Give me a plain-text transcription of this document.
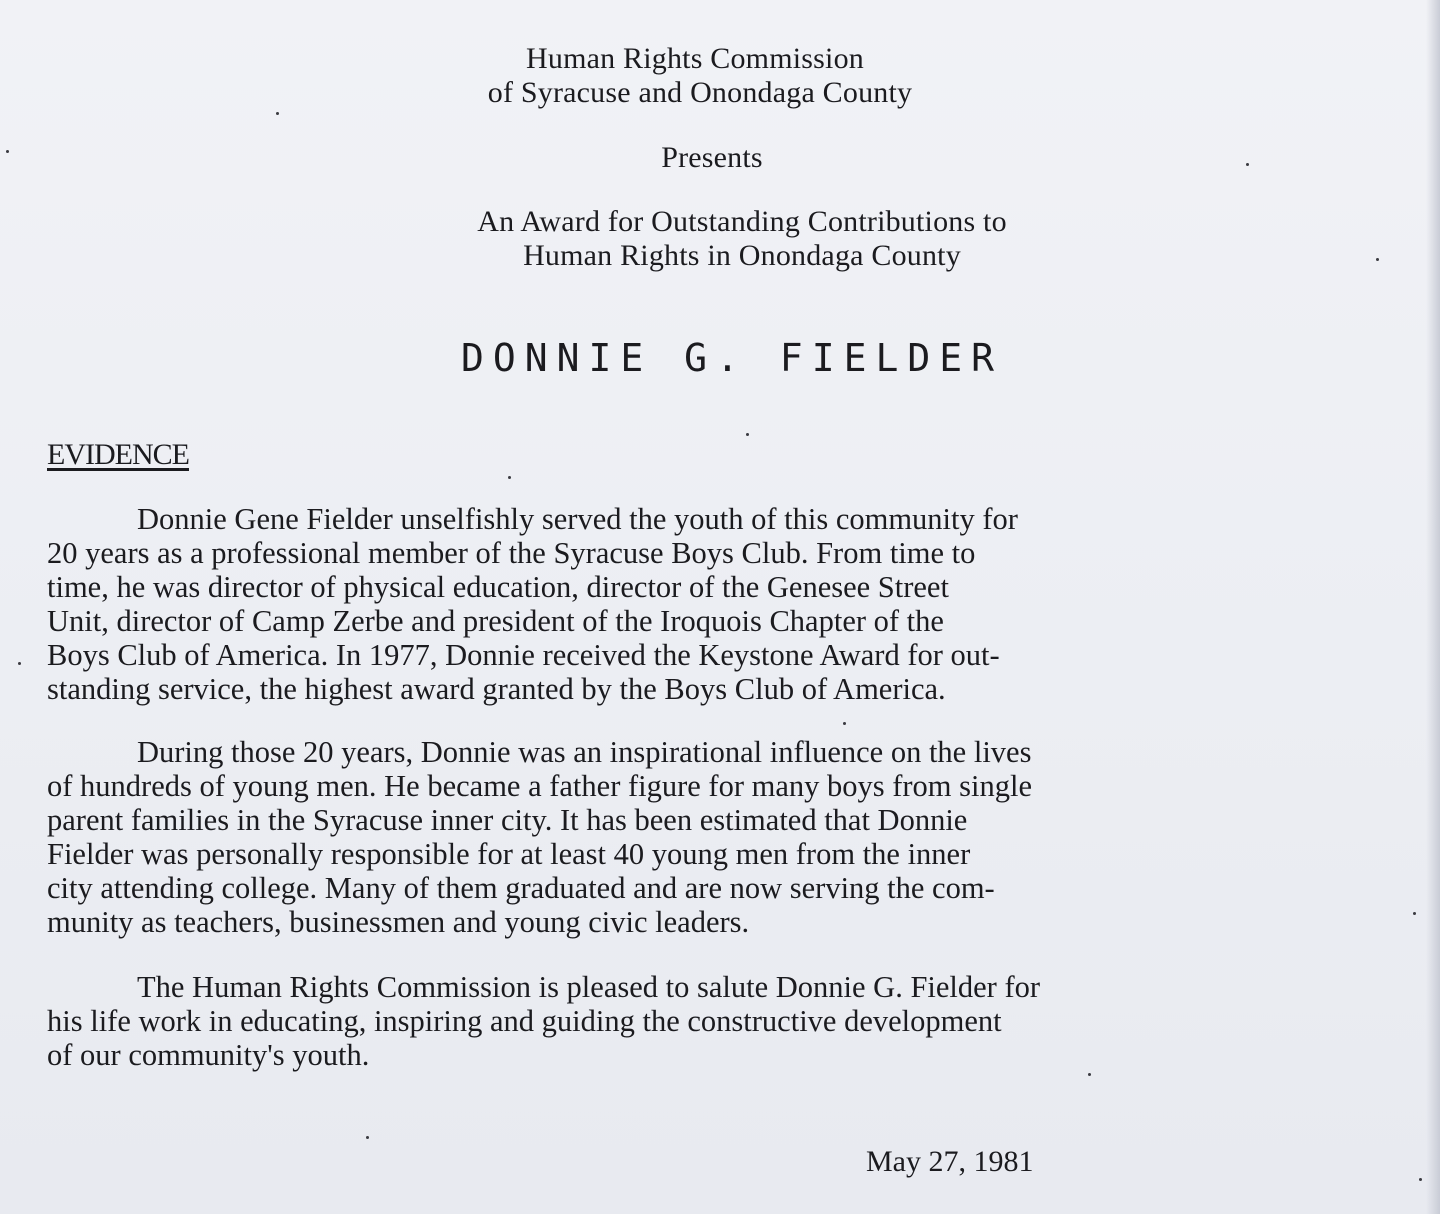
Human Rights Commission
of Syracuse and Onondaga County
Presents
An Award for Outstanding Contributions to
Human Rights in Onondaga County
DONNIE G. FIELDER
EVIDENCE
Donnie Gene Fielder unselfishly served the youth of this community for
20 years as a professional member of the Syracuse Boys Club. From time to
time, he was director of physical education, director of the Genesee Street
Unit, director of Camp Zerbe and president of the Iroquois Chapter of the
Boys Club of America. In 1977, Donnie received the Keystone Award for out-
standing service, the highest award granted by the Boys Club of America.
During those 20 years, Donnie was an inspirational influence on the lives
of hundreds of young men. He became a father figure for many boys from single
parent families in the Syracuse inner city. It has been estimated that Donnie
Fielder was personally responsible for at least 40 young men from the inner
city attending college. Many of them graduated and are now serving the com-
munity as teachers, businessmen and young civic leaders.
The Human Rights Commission is pleased to salute Donnie G. Fielder for
his life work in educating, inspiring and guiding the constructive development
of our community's youth.
May 27, 1981
